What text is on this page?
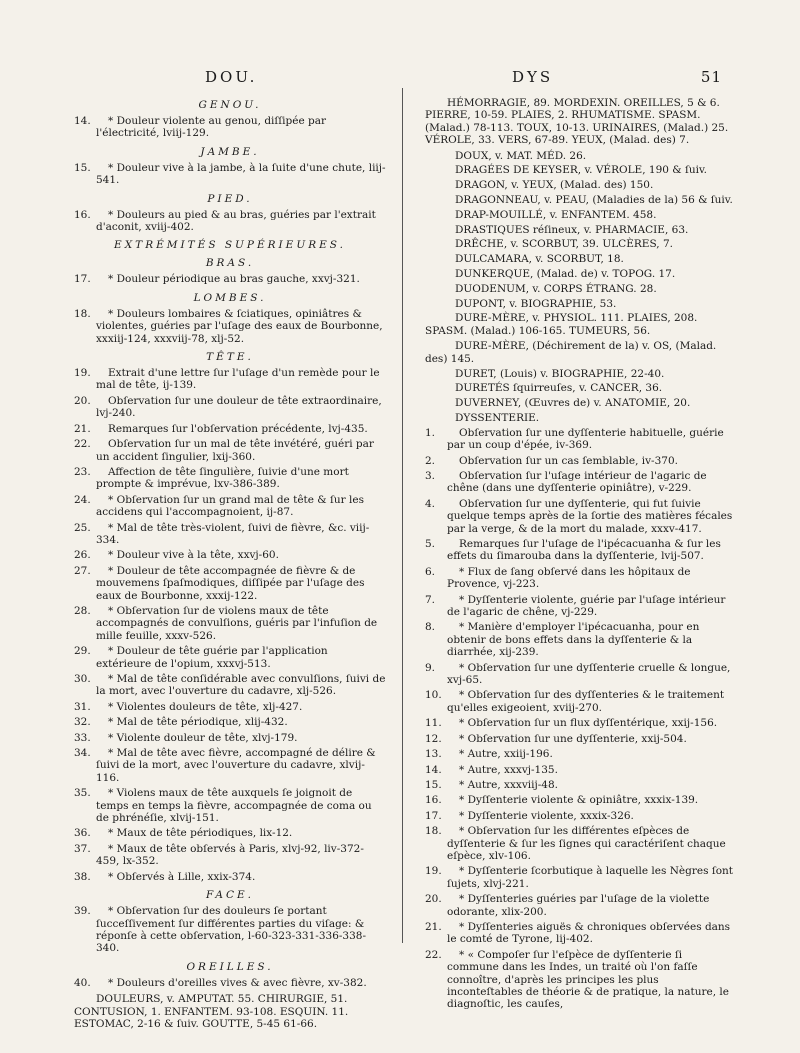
DOU.	DYS	51
GENOU.
14. * Douleur violente au genou, diſſipée par l'électricité, lviij-129.
JAMBE.
15. * Douleur vive à la jambe, à la ſuite d'une chute, liij-541.
PIED.
16. * Douleurs au pied & au bras, guéries par l'extrait d'aconit, xviij-402.
EXTRÉMITÉS SUPÉRIEURES.
BRAS.
17. * Douleur périodique au bras gauche, xxvj-321.
LOMBES.
18. * Douleurs lombaires & ſciatiques, opiniâtres & violentes, guéries par l'uſage des eaux de Bourbonne, xxxiij-124, xxxviij-78, xlj-52.
TÊTE.
19. Extrait d'une lettre ſur l'uſage d'un remède pour le mal de tête, ij-139.
20. Obſervation ſur une douleur de tête extraordinaire, lvj-240.
21. Remarques ſur l'obſervation précédente, lvj-435.
22. Obſervation ſur un mal de tête invétéré, guéri par un accident ſingulier, lxij-360.
23. Affection de tête ſingulière, ſuivie d'une mort prompte & imprévue, lxv-386-389.
24. * Obſervation ſur un grand mal de tête & ſur les accidens qui l'accompagnoient, ij-87.
25. * Mal de tête très-violent, ſuivi de fièvre, &c. viij-334.
26. * Douleur vive à la tête, xxvj-60.
27. * Douleur de tête accompagnée de fièvre & de mouvemens ſpaſmodiques, diſſipée par l'uſage des eaux de Bourbonne, xxxij-122.
28. * Obſervation ſur de violens maux de tête accompagnés de convulſions, guéris par l'infuſion de mille feuille, xxxv-526.
29. * Douleur de tête guérie par l'application extérieure de l'opium, xxxvj-513.
30. * Mal de tête conſidérable avec convulſions, ſuivi de la mort, avec l'ouverture du cadavre, xlj-526.
31. * Violentes douleurs de tête, xlj-427.
32. * Mal de tête périodique, xlij-432.
33. * Violente douleur de tête, xlvj-179.
34. * Mal de tête avec fièvre, accompagné de délire & ſuivi de la mort, avec l'ouverture du cadavre, xlvij-116.
35. * Violens maux de tête auxquels ſe joignoit de temps en temps la fièvre, accompagnée de coma ou de phrénéſie, xlvij-151.
36. * Maux de tête périodiques, lix-12.
37. * Maux de tête obſervés à Paris, xlvj-92, liv-372-459, lx-352.
38. * Obſervés à Lille, xxix-374.
FACE.
39. * Obſervation ſur des douleurs ſe portant ſucceſſivement ſur différentes parties du viſage: & réponſe à cette obſervation, l-60-323-331-336-338-340.
OREILLES.
40. * Douleurs d'oreilles vives & avec fièvre, xv-382.
DOULEURS, v. AMPUTAT. 55. CHIRURGIE, 51. CONTUSION, 1. ENFANTEM. 93-108. ESQUIN. 11. ESTOMAC, 2-16 & ſuiv. GOUTTE, 5-45 61-66.
HÉMORRAGIE, 89. MORDEXIN. OREILLES, 5 & 6. PIERRE, 10-59. PLAIES, 2. RHUMATISME. SPASM. (Malad.) 78-113. TOUX, 10-13. URINAIRES, (Malad.) 25. VÉROLE, 33. VERS, 67-89. YEUX, (Malad. des) 7.
DOUX, v. MAT. MÉD. 26.
DRAGÉES DE KEYSER, v. VÉROLE, 190 & ſuiv.
DRAGON, v. YEUX, (Malad. des) 150.
DRAGONNEAU, v. PEAU, (Maladies de la) 56 & ſuiv.
DRAP-MOUILLÉ, v. ENFANTEM. 458.
DRASTIQUES réſineux, v. PHARMACIE, 63.
DRÊCHE, v. SCORBUT, 39. ULCÈRES, 7.
DULCAMARA, v. SCORBUT, 18.
DUNKERQUE, (Malad. de) v. TOPOG. 17.
DUODENUM, v. CORPS ÉTRANG. 28.
DUPONT, v. BIOGRAPHIE, 53.
DURE-MÈRE, v. PHYSIOL. 111. PLAIES, 208. SPASM. (Malad.) 106-165. TUMEURS, 56.
DURE-MÈRE, (Déchirement de la) v. OS, (Malad. des) 145.
DURET, (Louis) v. BIOGRAPHIE, 22-40.
DURETÉS ſquirreuſes, v. CANCER, 36.
DUVERNEY, (Œuvres de) v. ANATOMIE, 20.
DYSSENTERIE.
1. Obſervation ſur une dyſſenterie habituelle, guérie par un coup d'épée, iv-369.
2. Obſervation ſur un cas ſemblable, iv-370.
3. Obſervation ſur l'uſage intérieur de l'agaric de chêne (dans une dyſſenterie opiniâtre), v-229.
4. Obſervation ſur une dyſſenterie, qui fut ſuivie quelque temps après de la ſortie des matières fécales par la verge, & de la mort du malade, xxxv-417.
5. Remarques ſur l'uſage de l'ipécacuanha & ſur les effets du ſimarouba dans la dyſſenterie, lvij-507.
6. * Flux de ſang obſervé dans les hôpitaux de Provence, vj-223.
7. * Dyſſenterie violente, guérie par l'uſage intérieur de l'agaric de chêne, vj-229.
8. * Manière d'employer l'ipécacuanha, pour en obtenir de bons effets dans la dyſſenterie & la diarrhée, xij-239.
9. * Obſervation ſur une dyſſenterie cruelle & longue, xvj-65.
10. * Obſervation ſur des dyſſenteries & le traitement qu'elles exigeoient, xviij-270.
11. * Obſervation ſur un flux dyſſentérique, xxij-156.
12. * Obſervation ſur une dyſſenterie, xxij-504.
13. * Autre, xxiij-196.
14. * Autre, xxxvj-135.
15. * Autre, xxxviij-48.
16. * Dyſſenterie violente & opiniâtre, xxxix-139.
17. * Dyſſenterie violente, xxxix-326.
18. * Obſervation ſur les différentes eſpèces de dyſſenterie & ſur les ſignes qui caractériſent chaque eſpèce, xlv-106.
19. * Dyſſenterie ſcorbutique à laquelle les Nègres ſont ſujets, xlvj-221.
20. * Dyſſenteries guéries par l'uſage de la violette odorante, xlix-200.
21. * Dyſſenteries aiguës & chroniques obſervées dans le comté de Tyrone, lij-402.
22. * « Compoſer ſur l'eſpèce de dyſſenterie ſi commune dans les Indes, un traité où l'on faſſe connoître, d'après les principes les plus inconteſtables de théorie & de pratique, la nature, le diagnoſtic, les cauſes,
